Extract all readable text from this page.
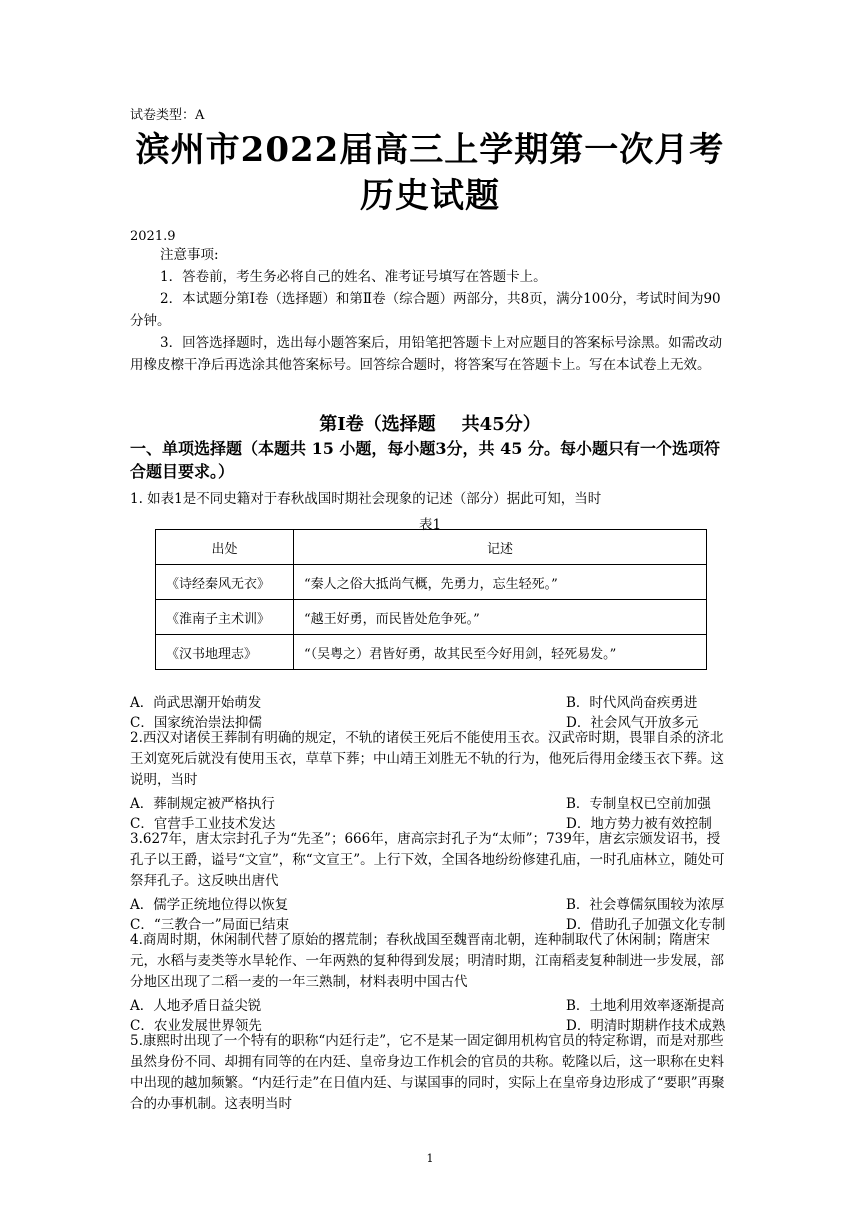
试卷类型：A
滨州市2022届高三上学期第一次月考
历史试题
2021.9
注意事项:
1．答卷前，考生务必将自己的姓名、准考证号填写在答题卡上。
2．本试题分第Ⅰ卷（选择题）和第Ⅱ卷（综合题）两部分，共8页，满分100分，考试时间为90分钟。
3．回答选择题时，选出每小题答案后，用铅笔把答题卡上对应题目的答案标号涂黑。如需改动用橡皮檫干净后再选涂其他答案标号。回答综合题时，将答案写在答题卡上。写在本试卷上无效。
第Ⅰ卷（选择题 共45分）
一、单项选择题（本题共 15 小题，每小题3分，共 45 分。每小题只有一个选项符合题目要求。）
1. 如表1是不同史籍对于春秋战国时期社会现象的记述（部分）据此可知，当时
表1
出处	记述
《诗经秦风无衣》	“秦人之俗大抵尚气概，先勇力，忘生轻死。”
《淮南子主术训》	“越王好勇，而民皆处危争死。”
《汉书地理志》	“（吴粤之）君皆好勇，故其民至今好用剑，轻死易发。”
A．尚武思潮开始萌发	B．时代风尚奋疾勇进
C．国家统治崇法抑儒	D．社会风气开放多元
2.西汉对诸侯王葬制有明确的规定，不轨的诸侯王死后不能使用玉衣。汉武帝时期，畏罪自杀的济北王刘宽死后就没有使用玉衣，草草下葬；中山靖王刘胜无不轨的行为，他死后得用金缕玉衣下葬。这说明，当时
A．葬制规定被严格执行	B．专制皇权已空前加强
C．官营手工业技术发达	D．地方势力被有效控制
3.627年，唐太宗封孔子为“先圣”；666年，唐高宗封孔子为“太师”；739年，唐玄宗颁发诏书，授孔子以王爵，谥号“文宣”，称“文宣王”。上行下效，全国各地纷纷修建孔庙，一时孔庙林立，随处可祭拜孔子。这反映出唐代
A．儒学正统地位得以恢复	B．社会尊儒氛围较为浓厚
C．“三教合一”局面已结束	D．借助孔子加强文化专制
4.商周时期，休闲制代替了原始的撂荒制；春秋战国至魏晋南北朝，连种制取代了休闲制；隋唐宋元，水稻与麦类等水旱轮作、一年两熟的复种得到发展；明清时期，江南稻麦复种制进一步发展，部分地区出现了二稻一麦的一年三熟制，材料表明中国古代
A．人地矛盾日益尖锐	B．土地利用效率逐渐提高
C．农业发展世界领先	D．明清时期耕作技术成熟
5.康熙时出现了一个特有的职称“内廷行走”，它不是某一固定御用机构官员的特定称谓，而是对那些虽然身份不同、却拥有同等的在内廷、皇帝身边工作机会的官员的共称。乾隆以后，这一职称在史料中出现的越加频繁。“内廷行走”在日值内廷、与谋国事的同时，实际上在皇帝身边形成了“要职”再聚合的办事机制。这表明当时
1
